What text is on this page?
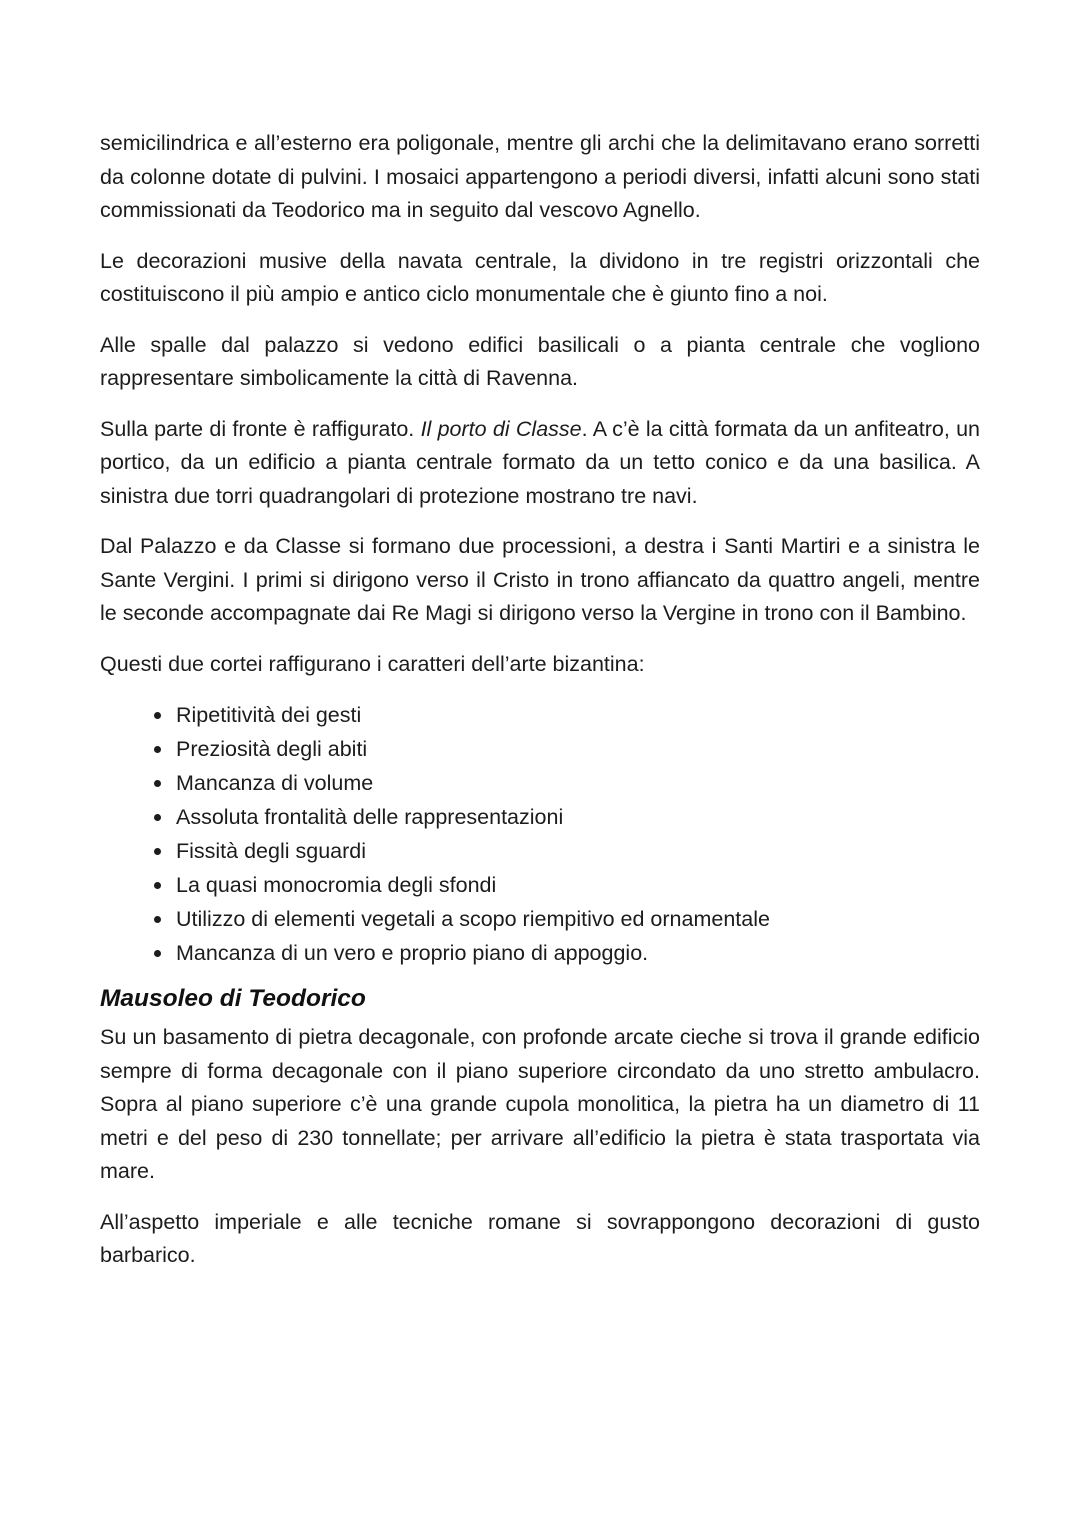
semicilindrica e all’esterno era poligonale, mentre gli archi che la delimitavano erano sorretti da colonne dotate di pulvini. I mosaici appartengono a periodi diversi, infatti alcuni sono stati commissionati da Teodorico ma in seguito dal vescovo Agnello.

Le decorazioni musive della navata centrale, la dividono in tre registri orizzontali che costituiscono il più ampio e antico ciclo monumentale che è giunto fino a noi.

Alle spalle dal palazzo si vedono edifici basilicali o a pianta centrale che vogliono rappresentare simbolicamente la città di Ravenna.

Sulla parte di fronte è raffigurato. Il porto di Classe. A c’è la città formata da un anfiteatro, un portico, da un edificio a pianta centrale formato da un tetto conico e da una basilica. A sinistra due torri quadrangolari di protezione mostrano tre navi.

Dal Palazzo e da Classe si formano due processioni, a destra i Santi Martiri e a sinistra le Sante Vergini. I primi si dirigono verso il Cristo in trono affiancato da quattro angeli, mentre le seconde accompagnate dai Re Magi si dirigono verso la Vergine in trono con il Bambino.

Questi due cortei raffigurano i caratteri dell’arte bizantina:

Ripetitività dei gesti
Preziosità degli abiti
Mancanza di volume
Assoluta frontalità delle rappresentazioni
Fissità degli sguardi
La quasi monocromia degli sfondi
Utilizzo di elementi vegetali a scopo riempitivo ed ornamentale
Mancanza di un vero e proprio piano di appoggio.
Mausoleo di Teodorico

Su un basamento di pietra decagonale, con profonde arcate cieche si trova il grande edificio sempre di forma decagonale con il piano superiore circondato da uno stretto ambulacro. Sopra al piano superiore c’è una grande cupola monolitica, la pietra ha un diametro di 11 metri e del peso di 230 tonnellate; per arrivare all’edificio la pietra è stata trasportata via mare.

All’aspetto imperiale e alle tecniche romane si sovrappongono decorazioni di gusto barbarico.
